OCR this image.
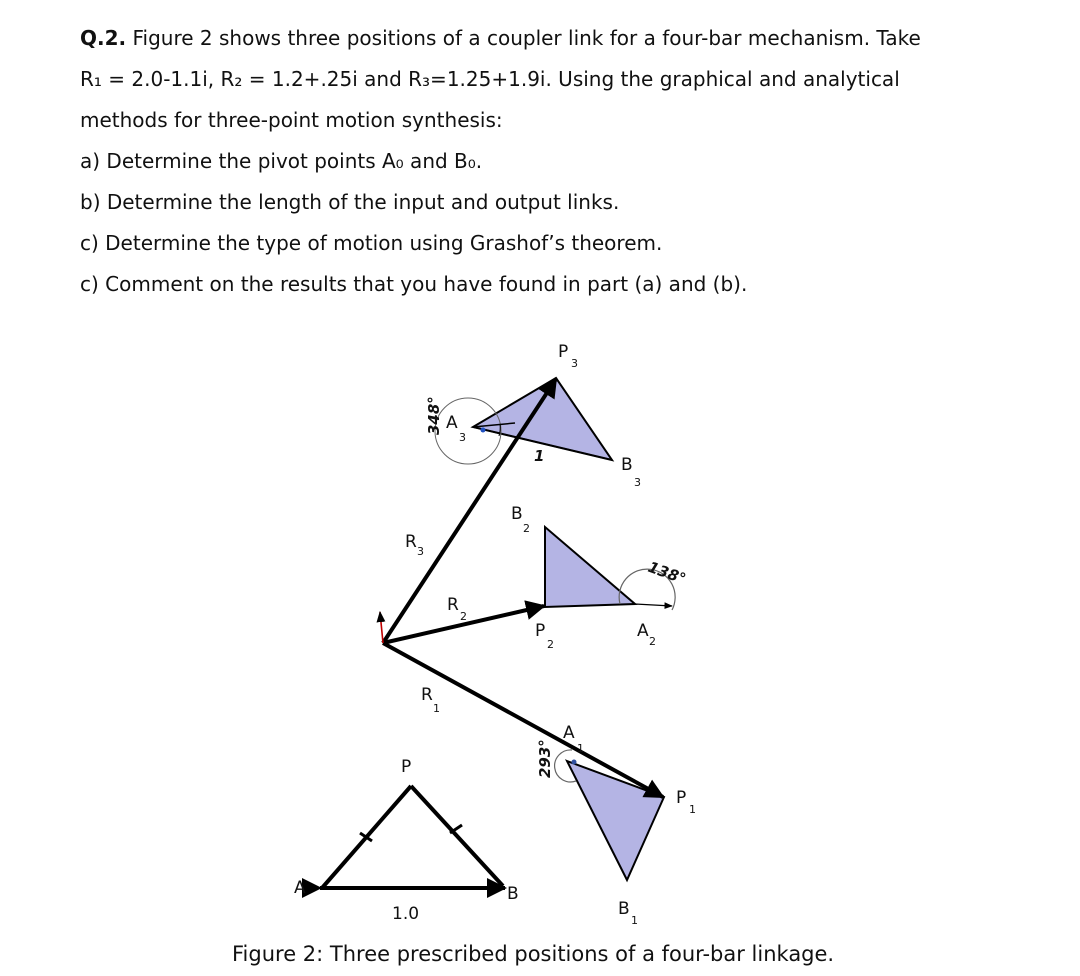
Q.2. Figure 2 shows three positions of a coupler link for a four-bar mechanism. Take

R₁ = 2.0-1.1i, R₂ = 1.2+.25i and R₃=1.25+1.9i. Using the graphical and analytical

methods for three-point motion synthesis:

a) Determine the pivot points A₀ and B₀.

b) Determine the length of the input and output links.

c) Determine the type of motion using Grashof’s theorem.

c) Comment on the results that you have found in part (a) and (b).

P
3
A
3
B
3
1
348°
B
2
R 3
R
2
P
2
A
2
138°
R
1
A
1
293°
P
1
B
1
P
A	B
1.0
Figure 2: Three prescribed positions of a four-bar linkage.
